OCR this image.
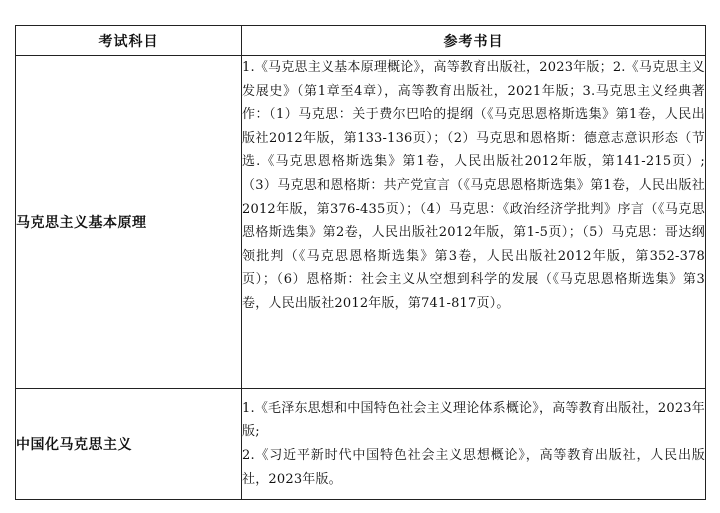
考试科目	参考书目
马克思主义基本原理	1.《马克思主义基本原理概论》，高等教育出版社，2023年版；2.《马克思主义发展史》（第1章至4章），高等教育出版社，2021年版；3.马克思主义经典著作：（1）马克思：关于费尔巴哈的提纲（《马克思恩格斯选集》第1卷，人民出版社2012年版，第133-136页）；（2）马克思和恩格斯：德意志意识形态（节选.《马克思恩格斯选集》第1卷，人民出版社2012年版，第141-215页）;（3）马克思和恩格斯：共产党宣言（《马克思恩格斯选集》第1卷，人民出版社2012年版，第376-435页）；（4）马克思：《政治经济学批判》序言（《马克思恩格斯选集》第2卷，人民出版社2012年版，第1-5页）；（5）马克思：哥达纲领批判（《马克思恩格斯选集》第3卷，人民出版社2012年版，第352-378页）；（6）恩格斯：社会主义从空想到科学的发展（《马克思恩格斯选集》第3卷，人民出版社2012年版，第741-817页）。
中国化马克思主义	1.《毛泽东思想和中国特色社会主义理论体系概论》，高等教育出版社，2023年版;
2.《习近平新时代中国特色社会主义思想概论》，高等教育出版社，人民出版社，2023年版。
